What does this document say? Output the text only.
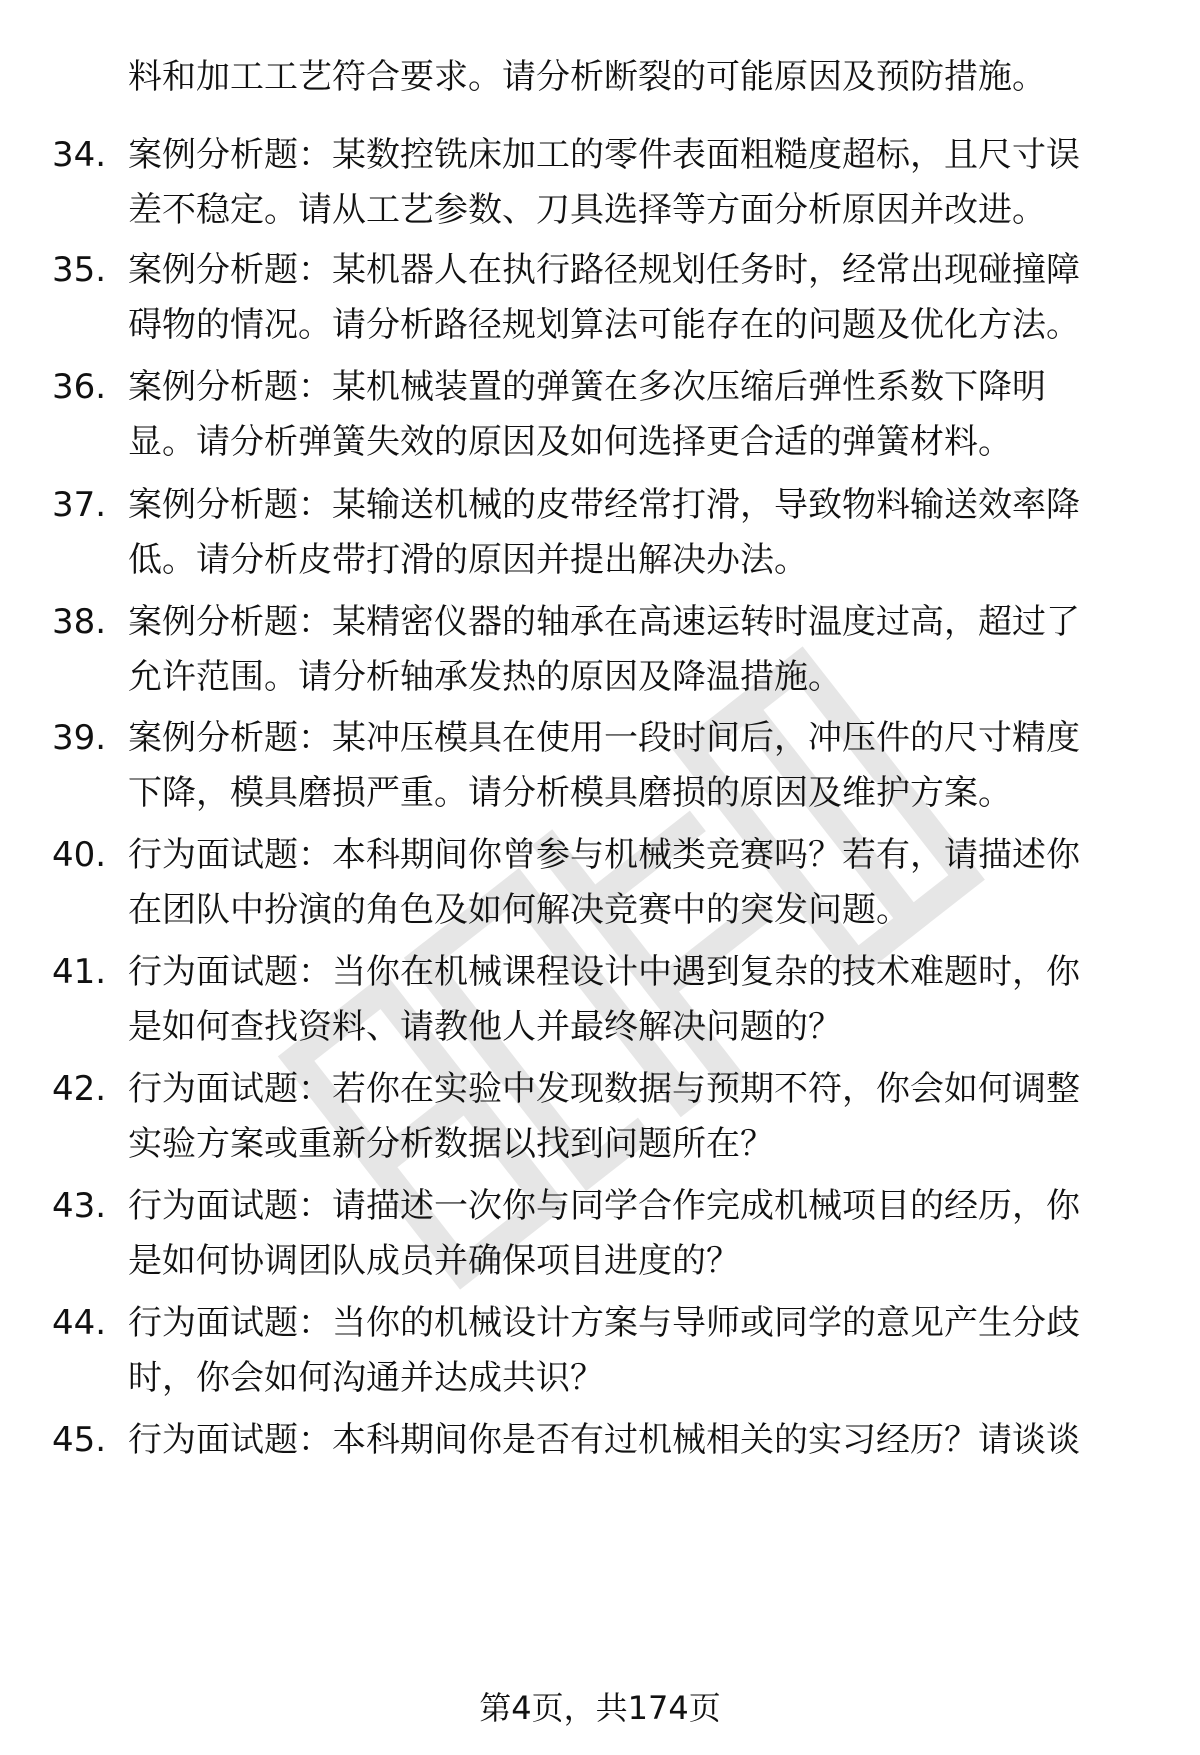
料和加工工艺符合要求。请分析断裂的可能原因及预防措施。
34. 案例分析题：某数控铣床加工的零件表面粗糙度超标，且尺寸误
差不稳定。请从工艺参数、刀具选择等方面分析原因并改进。
35. 案例分析题：某机器人在执行路径规划任务时，经常出现碰撞障
碍物的情况。请分析路径规划算法可能存在的问题及优化方法。
36. 案例分析题：某机械装置的弹簧在多次压缩后弹性系数下降明
显。请分析弹簧失效的原因及如何选择更合适的弹簧材料。
37. 案例分析题：某输送机械的皮带经常打滑，导致物料输送效率降
低。请分析皮带打滑的原因并提出解决办法。
38. 案例分析题：某精密仪器的轴承在高速运转时温度过高，超过了
允许范围。请分析轴承发热的原因及降温措施。
39. 案例分析题：某冲压模具在使用一段时间后，冲压件的尺寸精度
下降，模具磨损严重。请分析模具磨损的原因及维护方案。
40. 行为面试题：本科期间你曾参与机械类竞赛吗？若有，请描述你
在团队中扮演的角色及如何解决竞赛中的突发问题。
41. 行为面试题：当你在机械课程设计中遇到复杂的技术难题时，你
是如何查找资料、请教他人并最终解决问题的？
42. 行为面试题：若你在实验中发现数据与预期不符，你会如何调整
实验方案或重新分析数据以找到问题所在？
43. 行为面试题：请描述一次你与同学合作完成机械项目的经历，你
是如何协调团队成员并确保项目进度的？
44. 行为面试题：当你的机械设计方案与导师或同学的意见产生分歧
时，你会如何沟通并达成共识？
45. 行为面试题：本科期间你是否有过机械相关的实习经历？请谈谈
第4页，共174页
